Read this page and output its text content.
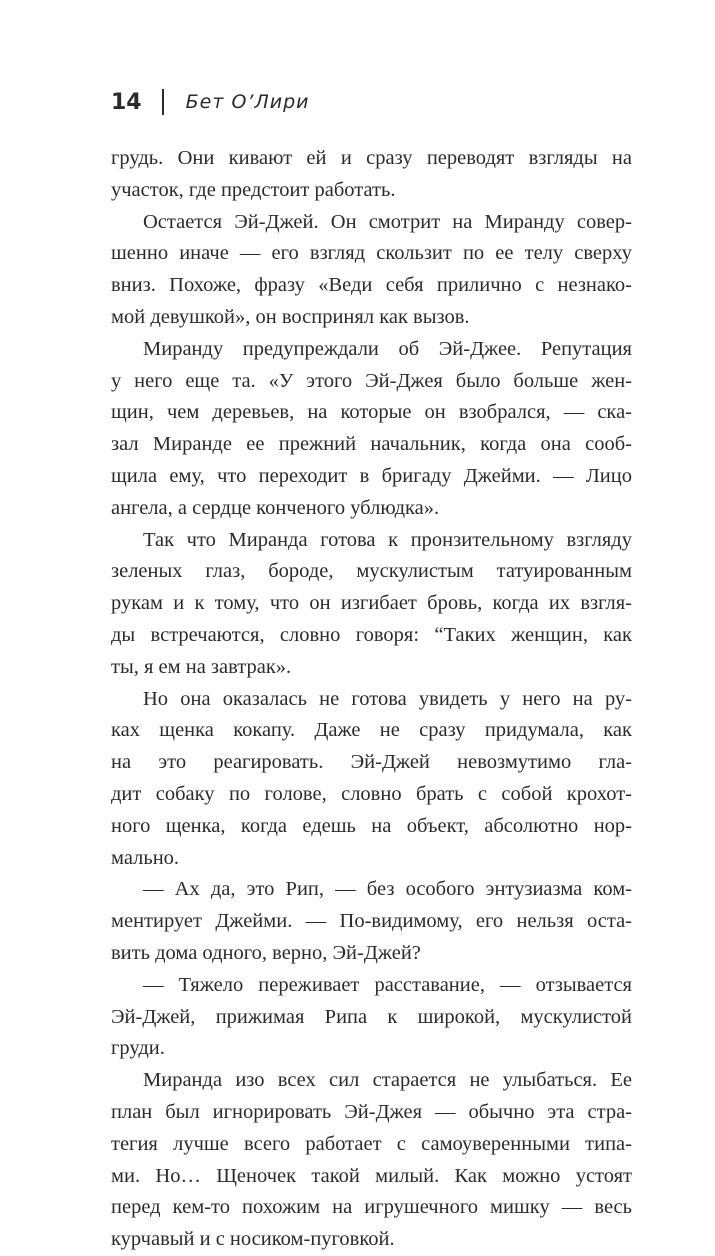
14 Бет О’Лири
грудь. Они кивают ей и сразу переводят взгляды на
участок, где предстоит работать.
Остается Эй-Джей. Он смотрит на Миранду совер-
шенно иначе — его взгляд скользит по ее телу сверху
вниз. Похоже, фразу «Веди себя прилично с незнако-
мой девушкой», он воспринял как вызов.
Миранду предупреждали об Эй-Джее. Репутация
у него еще та. «У этого Эй-Джея было больше жен-
щин, чем деревьев, на которые он взобрался, — ска-
зал Миранде ее прежний начальник, когда она сооб-
щила ему, что переходит в бригаду Джейми. — Лицо
ангела, а сердце конченого ублюдка».
Так что Миранда готова к пронзительному взгляду
зеленых глаз, бороде, мускулистым татуированным
рукам и к тому, что он изгибает бровь, когда их взгля-
ды встречаются, словно говоря: “Таких женщин, как
ты, я ем на завтрак».
Но она оказалась не готова увидеть у него на ру-
ках щенка кокапу. Даже не сразу придумала, как
на это реагировать. Эй-Джей невозмутимо гла-
дит собаку по голове, словно брать с собой крохот-
ного щенка, когда едешь на объект, абсолютно нор-
мально.
— Ах да, это Рип, — без особого энтузиазма ком-
ментирует Джейми. — По-видимому, его нельзя оста-
вить дома одного, верно, Эй-Джей?
— Тяжело переживает расставание, — отзывается
Эй-Джей, прижимая Рипа к широкой, мускулистой
груди.
Миранда изо всех сил старается не улыбаться. Ее
план был игнорировать Эй-Джея — обычно эта стра-
тегия лучше всего работает с самоуверенными типа-
ми. Но… Щеночек такой милый. Как можно устоят
перед кем-то похожим на игрушечного мишку — весь
курчавый и с носиком-пуговкой.
